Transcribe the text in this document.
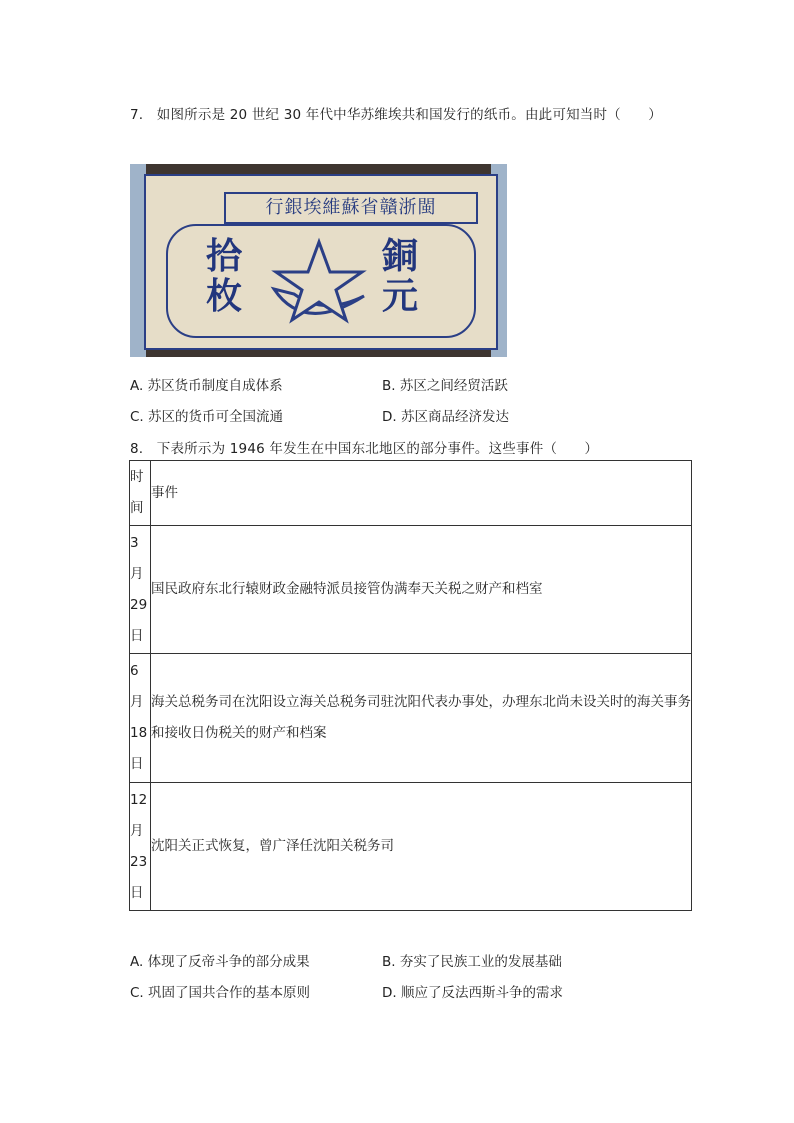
7. 如图所示是 20 世纪 30 年代中华苏维埃共和国发行的纸币。由此可知当时（　　）
行銀埃維蘇省贛浙閩
拾
枚
銅
元
A. 苏区货币制度自成体系	B. 苏区之间经贸活跃
C. 苏区的货币可全国流通	D. 苏区商品经济发达
8. 下表所示为 1946 年发生在中国东北地区的部分事件。这些事件（　　）
时
间	事件
3
月
29
日	国民政府东北行辕财政金融特派员接管伪满奉天关税之财产和档室
6
月
18
日	海关总税务司在沈阳设立海关总税务司驻沈阳代表办事处，办理东北尚未设关时的海关事务和接收日伪税关的财产和档案
12
月
23
日	沈阳关正式恢复，曾广泽任沈阳关税务司
A. 体现了反帝斗争的部分成果	B. 夯实了民族工业的发展基础
C. 巩固了国共合作的基本原则	D. 顺应了反法西斯斗争的需求
